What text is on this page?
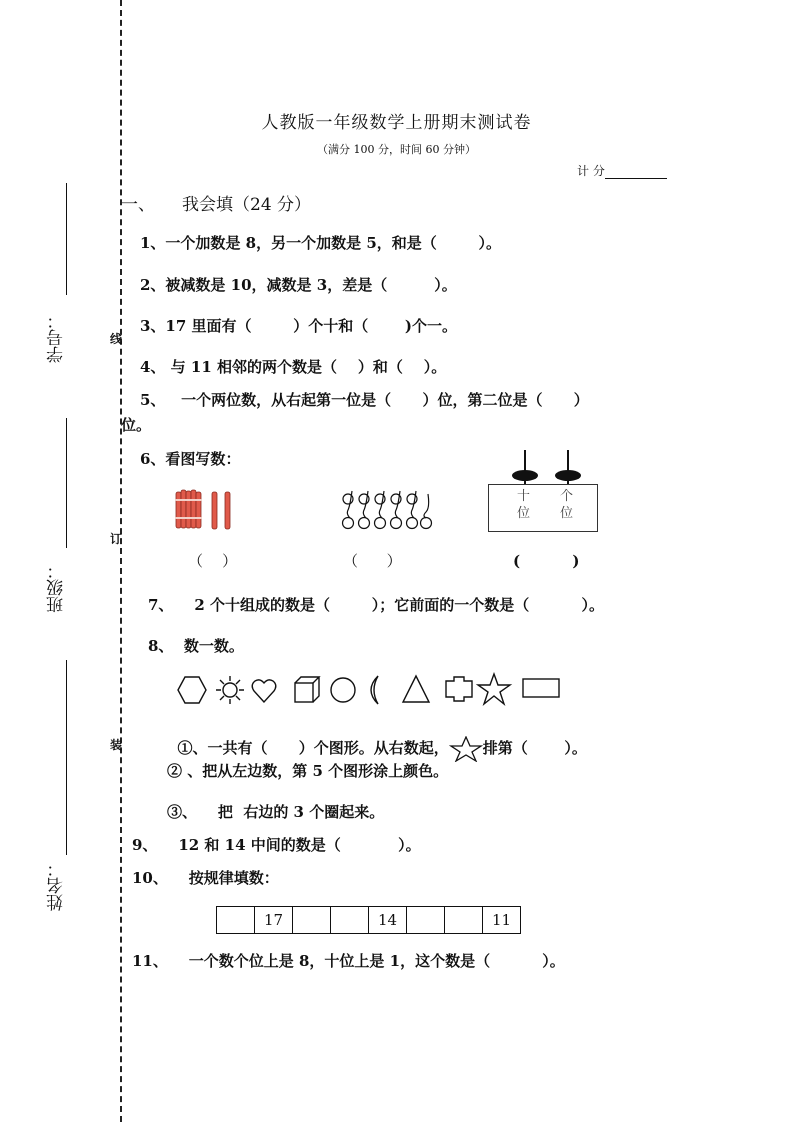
学号：
班级：
姓名：
线
订
装
人教版一年级数学上册期末测试卷
（满分 100 分，时间 60 分钟）
计 分
一、     我会填（24 分）
1、一个加数是 8，另一个加数是 5，和是（        ）。
2、被减数是 10，减数是 3，差是（         ）。
3、17 里面有（        ）个十和（       )个一。
4、 与 11 相邻的两个数是（    ）和（    ）。
5、   一个两位数，从右起第一位是（      ）位，第二位是（      ）
位。
6、看图写数：
十
位
个
位
（    ）	（      ）	(          )
7、    2 个十组成的数是（        ）；它前面的一个数是（          ）。
8、  数一数。

①、一共有（      ）个图形。从右数起， 排第（       ）。

② 、把从左边数，第 5 个图形涂上颜色。
③、    把  右边的 3 个圈起来。
9、    12 和 14 中间的数是（           ）。
10、    按规律填数：
	17			14			11
11、    一个数个位上是 8，十位上是 1，这个数是（          ）。
